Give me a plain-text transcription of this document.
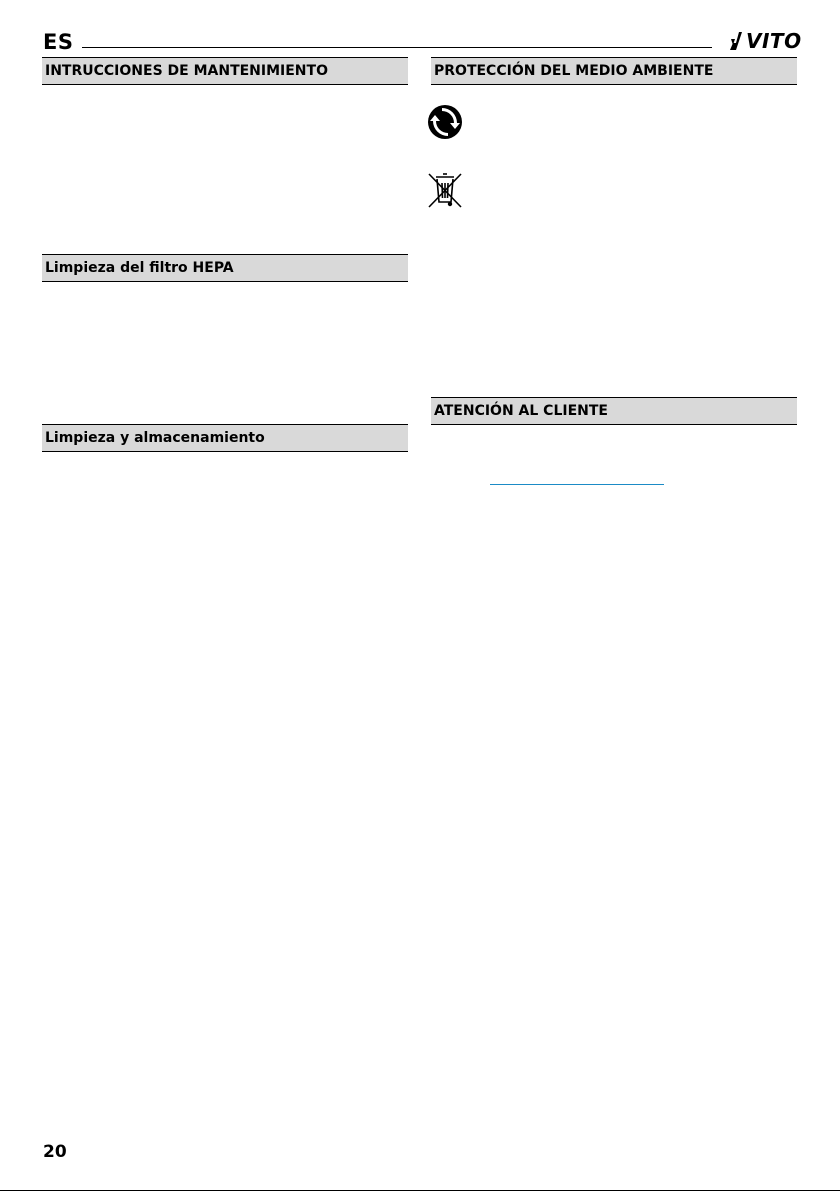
ES	VITO
INTRUCCIONES DE MANTENIMIENTO
Limpieza del filtro HEPA
Limpieza y almacenamiento
PROTECCIÓN DEL MEDIO AMBIENTE
ATENCIÓN AL CLIENTE
20
